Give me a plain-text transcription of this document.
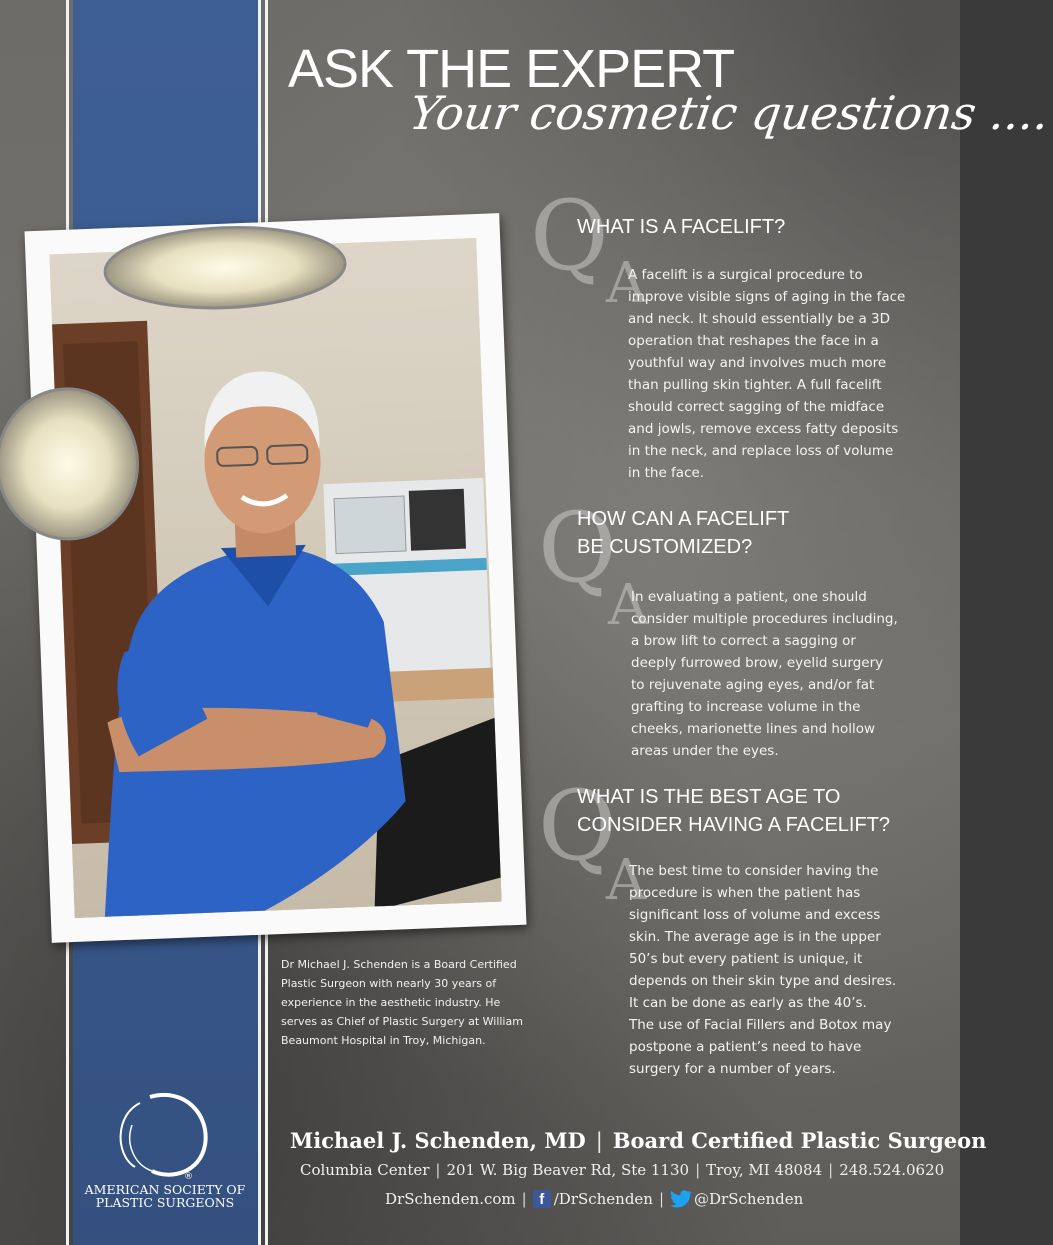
ASK THE EXPERT
Your cosmetic questions ....
Dr Michael J. Schenden is a Board Certified
Plastic Surgeon with nearly 30 years of
experience in the aesthetic industry. He
serves as Chief of Plastic Surgery at William
Beaumont Hospital in Troy, Michigan.
Q
WHAT IS A FACELIFT?
A
A facelift is a surgical procedure to
improve visible signs of aging in the face
and neck. It should essentially be a 3D
operation that reshapes the face in a
youthful way and involves much more
than pulling skin tighter. A full facelift
should correct sagging of the midface
and jowls, remove excess fatty deposits
in the neck, and replace loss of volume
in the face.
Q
HOW CAN A FACELIFT
BE CUSTOMIZED?
A
In evaluating a patient, one should
consider multiple procedures including,
a brow lift to correct a sagging or
deeply furrowed brow, eyelid surgery
to rejuvenate aging eyes, and/or fat
grafting to increase volume in the
cheeks, marionette lines and hollow
areas under the eyes.
Q
WHAT IS THE BEST AGE TO
CONSIDER HAVING A FACELIFT?
A
The best time to consider having the
procedure is when the patient has
significant loss of volume and excess
skin. The average age is in the upper
50’s but every patient is unique, it
depends on their skin type and desires.
It can be done as early as the 40’s.
The use of Facial Fillers and Botox may
postpone a patient’s need to have
surgery for a number of years.
®
AMERICAN SOCIETY OF
PLASTIC SURGEONS
Michael J. Schenden, MD | Board Certified Plastic Surgeon
Columbia Center | 201 W. Big Beaver Rd, Ste 1130 | Troy, MI 48084 | 248.524.0620
DrSchenden.com | f /DrSchenden | @DrSchenden
